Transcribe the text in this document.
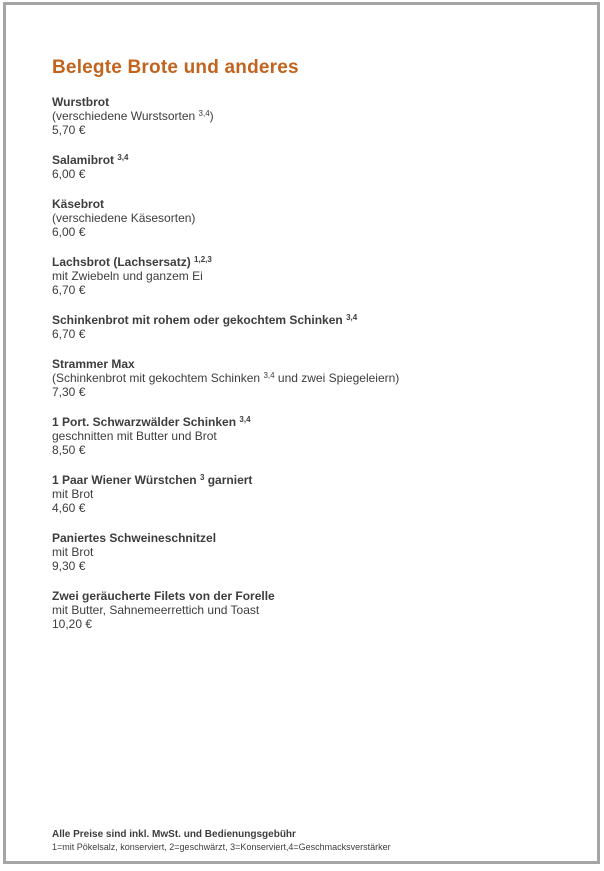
Belegte Brote und anderes
Wurstbrot
(verschiedene Wurstsorten $^{3,4}$)
5,70 €
Salamibrot $^{3,4}$
6,00 €
Käsebrot
(verschiedene Käsesorten)
6,00 €
Lachsbrot (Lachsersatz) $^{1,2,3}$
mit Zwiebeln und ganzem Ei
6,70 €
Schinkenbrot mit rohem oder gekochtem Schinken $^{3,4}$
6,70 €
Strammer Max
(Schinkenbrot mit gekochtem Schinken $^{3,4}$ und zwei Spiegeleiern)
7,30 €
1 Port. Schwarzwälder Schinken $^{3,4}$
geschnitten mit Butter und Brot
8,50 €
1 Paar Wiener Würstchen $^3$ garniert
mit Brot
4,60 €
Paniertes Schweineschnitzel
mit Brot
9,30 €
Zwei geräucherte Filets von der Forelle
mit Butter, Sahnemeerrettich und Toast
10,20 €
Alle Preise sind inkl. MwSt. und Bedienungsgebühr
1=mit Pökelsalz, konserviert, 2=geschwärzt, 3=Konserviert,4=Geschmacksverstärker
